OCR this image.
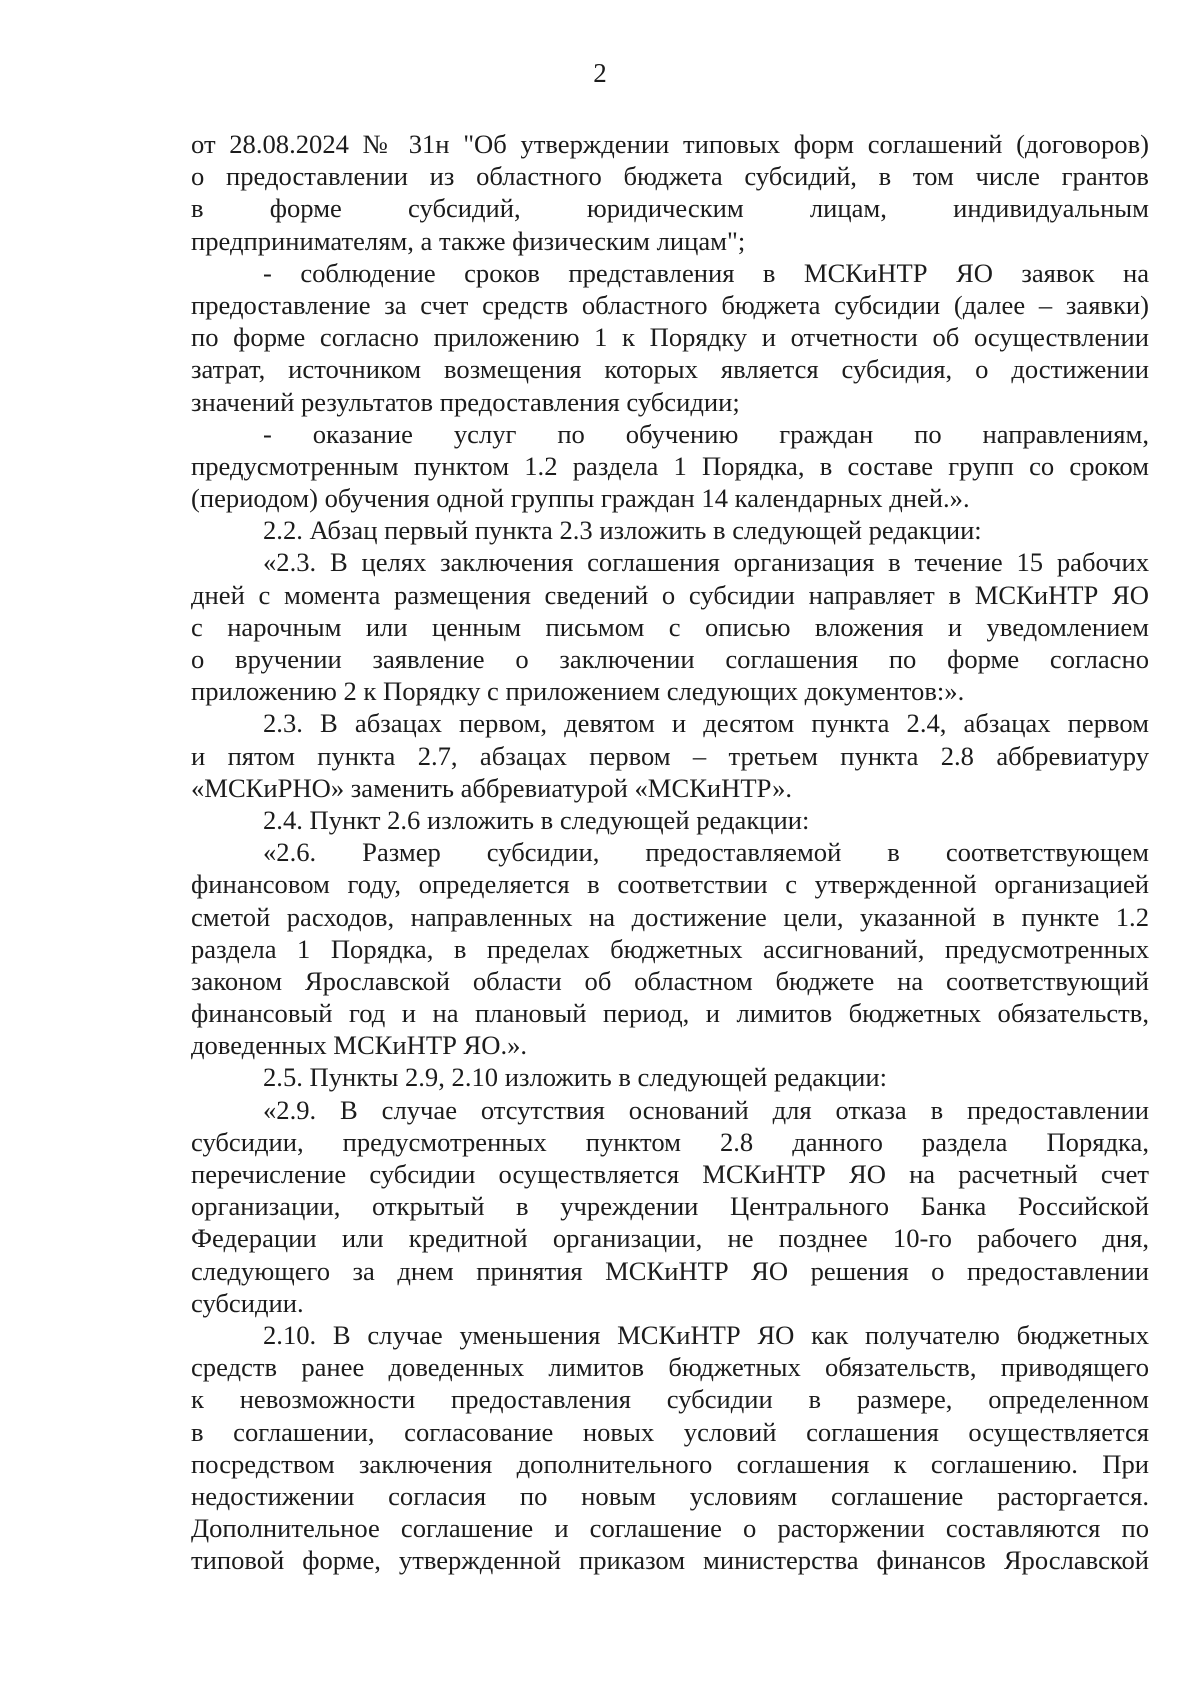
2
от 28.08.2024 № 31н "Об утверждении типовых форм соглашений (договоров)
о предоставлении из областного бюджета субсидий, в том числе грантов
в форме субсидий, юридическим лицам, индивидуальным
предпринимателям, а также физическим лицам";
- соблюдение сроков представления в МСКиНТР ЯО заявок на
предоставление за счет средств областного бюджета субсидии (далее – заявки)
по форме согласно приложению 1 к Порядку и отчетности об осуществлении
затрат, источником возмещения которых является субсидия, о достижении
значений результатов предоставления субсидии;
- оказание услуг по обучению граждан по направлениям,
предусмотренным пунктом 1.2 раздела 1 Порядка, в составе групп со сроком
(периодом) обучения одной группы граждан 14 календарных дней.».
2.2. Абзац первый пункта 2.3 изложить в следующей редакции:
«2.3. В целях заключения соглашения организация в течение 15 рабочих
дней с момента размещения сведений о субсидии направляет в МСКиНТР ЯО
с нарочным или ценным письмом с описью вложения и уведомлением
о вручении заявление о заключении соглашения по форме согласно
приложению 2 к Порядку с приложением следующих документов:».
2.3. В абзацах первом, девятом и десятом пункта 2.4, абзацах первом
и пятом пункта 2.7, абзацах первом – третьем пункта 2.8 аббревиатуру
«МСКиРНО» заменить аббревиатурой «МСКиНТР».
2.4. Пункт 2.6 изложить в следующей редакции:
«2.6. Размер субсидии, предоставляемой в соответствующем
финансовом году, определяется в соответствии с утвержденной организацией
сметой расходов, направленных на достижение цели, указанной в пункте 1.2
раздела 1 Порядка, в пределах бюджетных ассигнований, предусмотренных
законом Ярославской области об областном бюджете на соответствующий
финансовый год и на плановый период, и лимитов бюджетных обязательств,
доведенных МСКиНТР ЯО.».
2.5. Пункты 2.9, 2.10 изложить в следующей редакции:
«2.9. В случае отсутствия оснований для отказа в предоставлении
субсидии, предусмотренных пунктом 2.8 данного раздела Порядка,
перечисление субсидии осуществляется МСКиНТР ЯО на расчетный счет
организации, открытый в учреждении Центрального Банка Российской
Федерации или кредитной организации, не позднее 10-го рабочего дня,
следующего за днем принятия МСКиНТР ЯО решения о предоставлении
субсидии.
2.10. В случае уменьшения МСКиНТР ЯО как получателю бюджетных
средств ранее доведенных лимитов бюджетных обязательств, приводящего
к невозможности предоставления субсидии в размере, определенном
в соглашении, согласование новых условий соглашения осуществляется
посредством заключения дополнительного соглашения к соглашению. При
недостижении согласия по новым условиям соглашение расторгается.
Дополнительное соглашение и соглашение о расторжении составляются по
типовой форме, утвержденной приказом министерства финансов Ярославской
